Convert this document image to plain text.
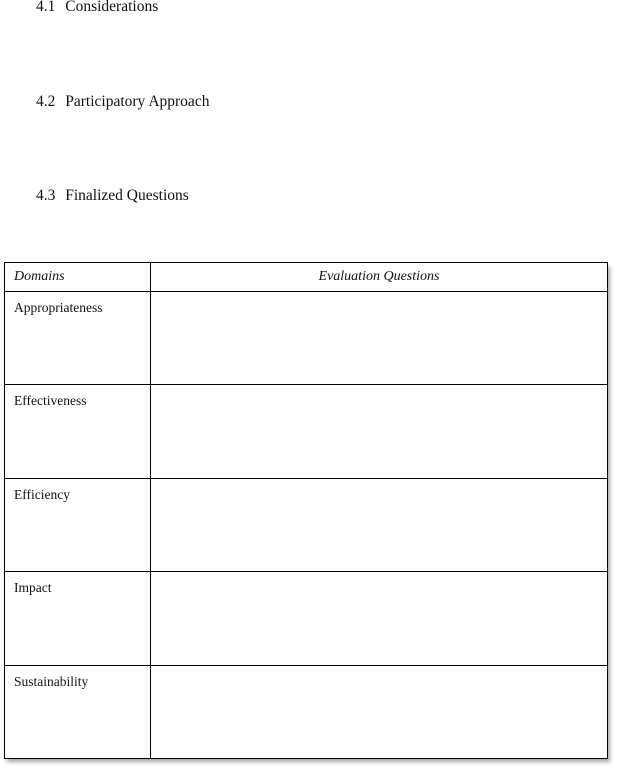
4.1 Considerations
4.2 Participatory Approach
4.3 Finalized Questions
Domains	Evaluation Questions
Appropriateness	
Effectiveness	
Efficiency	
Impact	
Sustainability	
